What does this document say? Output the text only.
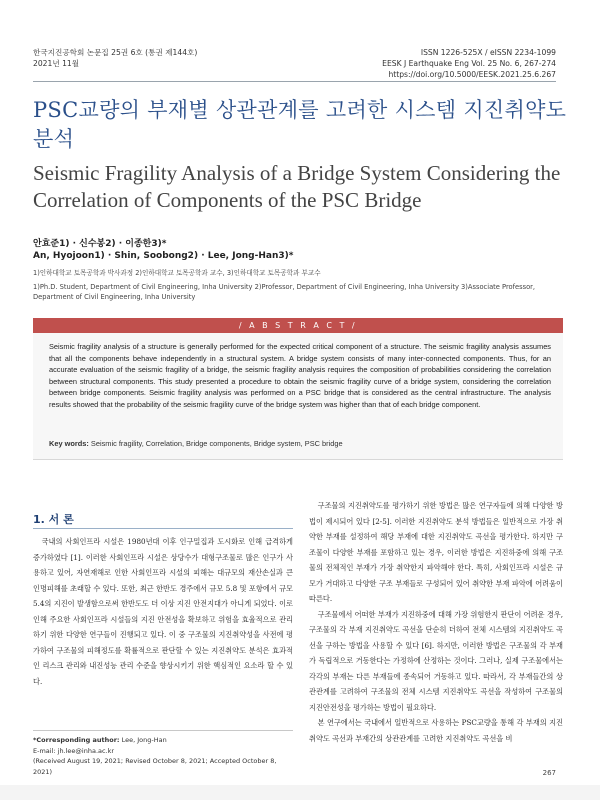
한국지진공학회 논문집 25권 6호 (통권 제144호)
2021년 11월
ISSN 1226-525X / eISSN 2234-1099
EESK J Earthquake Eng Vol. 25 No. 6, 267-274
https://doi.org/10.5000/EESK.2021.25.6.267
PSC교량의 부재별 상관관계를 고려한 시스템 지진취약도 분석
Seismic Fragility Analysis of a Bridge System Considering the Correlation of Components of the PSC Bridge
안효준1) · 신수봉2) · 이종한3)*
An, Hyojoon1) · Shin, Soobong2) · Lee, Jong-Han3)*
1)인하대학교 토목공학과 박사과정 2)인하대학교 토목공학과 교수, 3)인하대학교 토목공학과 부교수
1)Ph.D. Student, Department of Civil Engineering, Inha University 2)Professor, Department of Civil Engineering, Inha University 3)Associate Professor, Department of Civil Engineering, Inha University
/ A B S T R A C T /
Seismic fragility analysis of a structure is generally performed for the expected critical component of a structure. The seismic fragility analysis assumes that all the components behave independently in a structural system. A bridge system consists of many inter-connected components. Thus, for an accurate evaluation of the seismic fragility of a bridge, the seismic fragility analysis requires the composition of probabilities considering the correlation between structural components. This study presented a procedure to obtain the seismic fragility curve of a bridge system, considering the correlation between bridge components. Seismic fragility analysis was performed on a PSC bridge that is considered as the central infrastructure. The analysis results showed that the probability of the seismic fragility curve of the bridge system was higher than that of each bridge component.
Key words: Seismic fragility, Correlation, Bridge components, Bridge system, PSC bridge
1. 서 론

국내의 사회인프라 시설은 1980년대 이후 인구밀집과 도시화로 인해 급격하게 증가하였다 [1]. 이러한 사회인프라 시설은 상당수가 대형구조물로 많은 인구가 사용하고 있어, 자연재해로 인한 사회인프라 시설의 피해는 대규모의 재산손실과 큰 인명피해를 초래할 수 있다. 또한, 최근 한반도 경주에서 규모 5.8 및 포항에서 규모 5.4의 지진이 발생함으로써 한반도도 더 이상 지진 안전지대가 아니게 되었다. 이로인해 주요한 사회인프라 시설들의 지진 안전성을 확보하고 위험을 효율적으로 관리하기 위한 다양한 연구들이 진행되고 있다. 이 중 구조물의 지진취약성을 사전에 평가하여 구조물의 피해정도를 확률적으로 판단할 수 있는 지진취약도 분석은 효과적인 리스크 관리와 내진성능 관리 수준을 향상시키기 위한 핵심적인 요소라 할 수 있다.

구조물의 지진취약도를 평가하기 위한 방법은 많은 연구자들에 의해 다양한 방법이 제시되어 있다 [2-5]. 이러한 지진취약도 분석 방법들은 일반적으로 가장 취약한 부재를 설정하여 해당 부재에 대한 지진취약도 곡선을 평가한다. 하지만 구조물이 다양한 부재를 포함하고 있는 경우, 이러한 방법은 지진하중에 의해 구조물의 전체적인 부재가 가장 취약한지 파악해야 한다. 특히, 사회인프라 시설은 규모가 거대하고 다양한 구조 부재들로 구성되어 있어 취약한 부재 파악에 어려움이 따른다.

구조물에서 어떠한 부재가 지진하중에 대해 가장 위험한지 판단이 어려운 경우, 구조물의 각 부재 지진취약도 곡선을 단순히 더하여 전체 시스템의 지진취약도 곡선을 구하는 방법을 사용할 수 있다 [6]. 하지만, 이러한 방법은 구조물의 각 부재가 독립적으로 거동한다는 가정하에 산정하는 것이다. 그러나, 실제 구조물에서는 각각의 부재는 다른 부재들에 종속되어 거동하고 있다. 따라서, 각 부재들간의 상관관계를 고려하여 구조물의 전체 시스템 지진취약도 곡선을 작성하여 구조물의 지진안전성을 평가하는 방법이 필요하다.

본 연구에서는 국내에서 일반적으로 사용하는 PSC교량을 통해 각 부재의 지진취약도 곡선과 부재간의 상관관계를 고려한 지진취약도 곡선을 비

*Corresponding author: Lee, Jong-Han
E-mail: jh.lee@inha.ac.kr
(Received August 19, 2021; Revised October 8, 2021; Accepted October 8, 2021)	267
